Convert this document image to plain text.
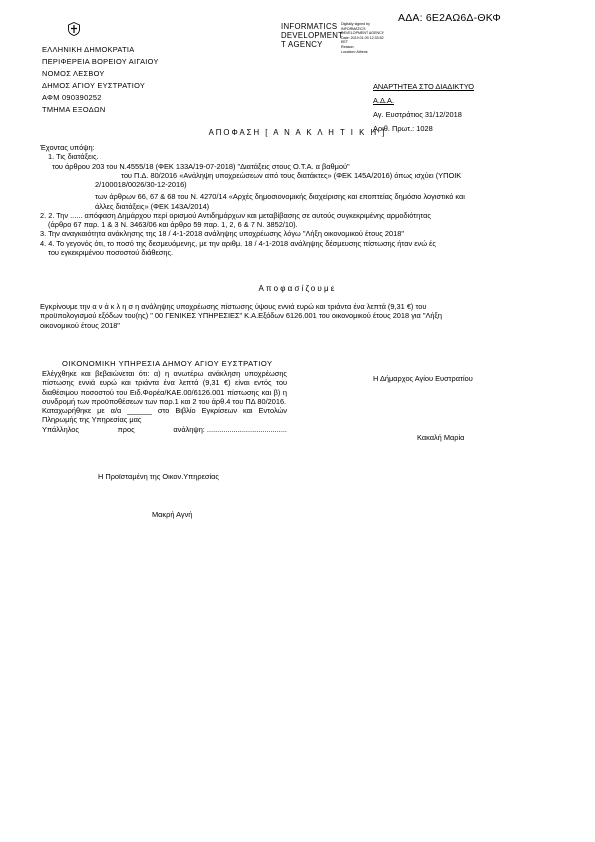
ΑΔΑ: 6Ε2ΑΩ6Δ-ΘΚΦ
ΕΛΛΗΝΙΚΗ ΔΗΜΟΚΡΑΤΙΑ
ΠΕΡΙΦΕΡΕΙΑ ΒΟΡΕΙΟΥ ΑΙΓΑΙΟΥ
ΝΟΜΟΣ ΛΕΣΒΟΥ
ΔΗΜΟΣ ΑΓΙΟΥ ΕΥΣΤΡΑΤΙΟΥ
ΑΦΜ 090390252
ΤΜΗΜΑ ΕΞΟΔΩΝ
INFORMATICS
DEVELOPMENT
T AGENCY
Digitally signed by
INFORMATICS
DEVELOPMENT AGENCY
Date: 2019.01.09 12:33:52
EET
Reason:
Location: Athens
ΑΝΑΡΤΗΤΕΑ ΣΤΟ ΔΙΑΔΙΚΤΥΟ
Α.Δ.Α.
Αγ. Ευστράτιος 31/12/2018
Αριθ. Πρωτ.: 1028
ΑΠΟΦΑΣΗ [ Α Ν Α Κ Λ Η Τ Ι Κ Η ]

Έχοντας υπόψη:

1. Τις διατάξεις.

του άρθρου 203 του Ν.4555/18 (ΦΕΚ 133Α/19-07-2018) "Διατάξεις στους Ο.Τ.Α. α βαθμού"

του Π.Δ. 80/2016 «Ανάληψη υποχρεώσεων από τους διατάκτες» (ΦΕΚ 145Α/2016) όπως ισχύει (ΥΠΟΙΚ

2/100018/0026/30-12-2016)

των άρθρων 66, 67 & 68 του Ν. 4270/14 «Αρχές δημοσιονομικής διαχείρισης και εποπτείας δημόσιο λογιστικό και

άλλες διατάξεις» (ΦΕΚ 143Α/2014)

2. 2. Την ...... απόφαση Δημάρχου περί ορισμού Αντιδημάρχων και μεταβίβασης σε αυτούς συγκεκριμένης αρμοδιότητας

(άρθρο 67 παρ. 1 & 3 Ν. 3463/06 και άρθρο 59 παρ. 1, 2, 6 & 7 Ν. 3852/10).

3. Την αναγκαιότητα ανάκλησης της 18 / 4-1-2018 ανάληψης υποχρέωσης λόγω "Λήξη οικονομικού έτους 2018"

4. 4. Το γεγονός ότι, το ποσό της δεσμευόμενης, με την αριθμ. 18 / 4-1-2018 ανάληψης δέσμευσης πίστωσης ήταν ενώ ές

του εγκεκριμένου ποσοστού διάθεσης.

Αποφασίζουμε
Εγκρίνουμε την α ν ά κ λ η σ η ανάληψης υποχρέωσης πίστωσης ύψους εννιά ευρώ και τριάντα ένα λεπτά (9,31 €) του
προϋπολογισμού εξόδων του(ης) " 00 ΓΕΝΙΚΕΣ ΥΠΗΡΕΣΙΕΣ" Κ.Α.Εξόδων 6126.001 του οικονομικού έτους 2018 για "Λήξη
οικονομικού έτους 2018"
ΟΙΚΟΝΟΜΙΚΗ ΥΠΗΡΕΣΙΑ ΔΗΜΟΥ ΑΓΙΟΥ ΕΥΣΤΡΑΤΙΟΥ

Ελέγχθηκε και βεβαιώνεται ότι: α) η ανωτέρω ανάκληση υποχρέωσης πίστωσης εννιά ευρώ και τριάντα ένα λεπτά (9,31 €) είναι εντός του διαθέσιμου ποσοστού του Ειδ.Φορέα/ΚΑΕ.00/6126.001 πίστωσης και β) η συνδρομή των προϋποθέσεων των παρ.1 και 2 του άρθ.4 του ΠΔ 80/2016.

Καταχωρήθηκε με α/α ______ στο Βιβλίο Εγκρίσεων και Εντολών Πληρωμής της Υπηρεσίας μας

Υπάλληλος	προς	ανάληψη: .......................................
Η Δήμαρχος Αγίου Ευστρατίου
Κακαλή Μαρία
Η Προϊσταμένη της Οικον.Υπηρεσίας
Μακρή Αγνή
